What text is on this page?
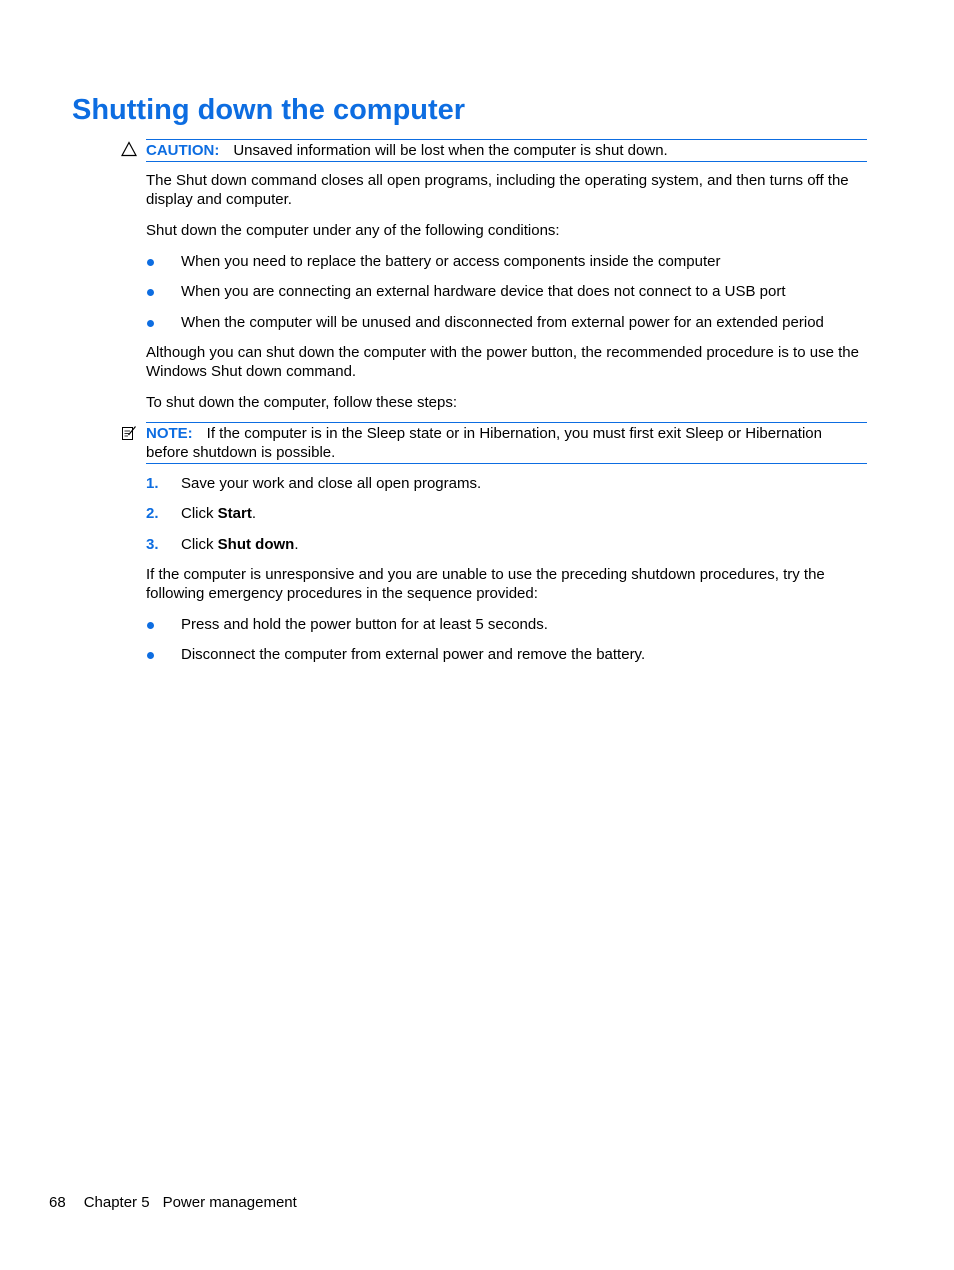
Shutting down the computer
CAUTION: Unsaved information will be lost when the computer is shut down.

The Shut down command closes all open programs, including the operating system, and then turns off the display and computer.

Shut down the computer under any of the following conditions:

When you need to replace the battery or access components inside the computer
When you are connecting an external hardware device that does not connect to a USB port
When the computer will be unused and disconnected from external power for an extended period

Although you can shut down the computer with the power button, the recommended procedure is to use the Windows Shut down command.

To shut down the computer, follow these steps:

NOTE: If the computer is in the Sleep state or in Hibernation, you must first exit Sleep or Hibernation before shutdown is possible.
1. Save your work and close all open programs.
2. Click Start.
3. Click Shut down.

If the computer is unresponsive and you are unable to use the preceding shutdown procedures, try the following emergency procedures in the sequence provided:

Press and hold the power button for at least 5 seconds.
Disconnect the computer from external power and remove the battery.
68 Chapter 5 Power management
